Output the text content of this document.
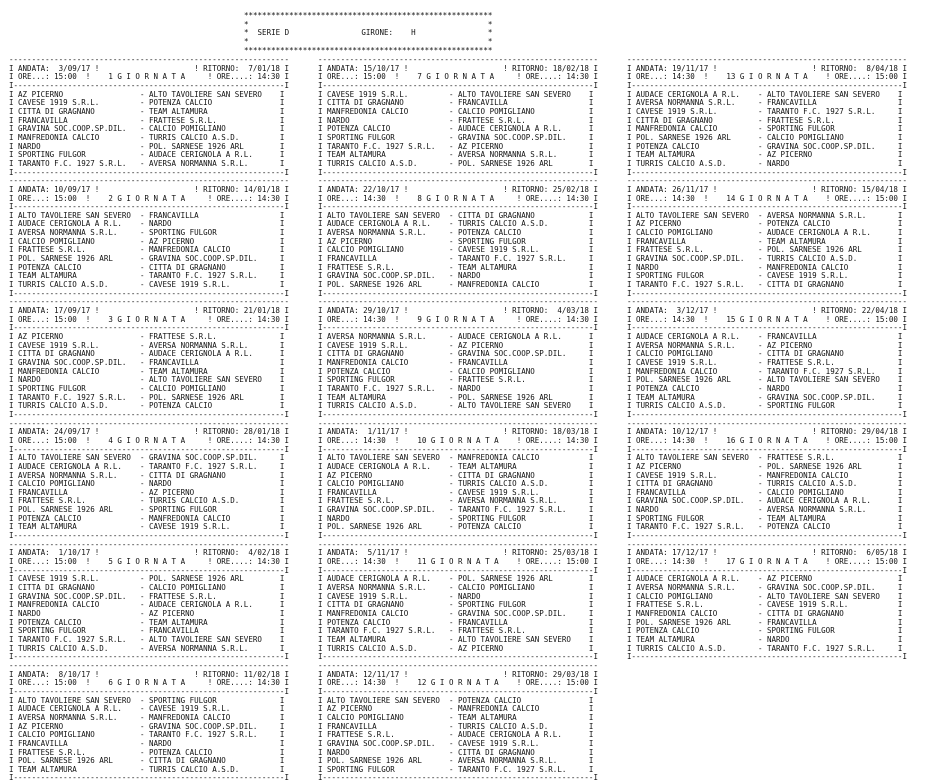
*******************************************************
*                                                     *
*  SERIE D                GIRONE:    H                *
*                                                     *
*******************************************************
--------------------------------------------------------------
I ANDATA:  3/09/17 !	! RITORNO:  7/01/18 I
I ORE...: 15:00  !    1 G I O R N A T A     ! ORE....: 14:30 I
I------------------------------------------------------------I
I AZ PICERNO                 - ALTO TAVOLIERE SAN SEVERO    I
I CAVESE 1919 S.R.L.         - POTENZA CALCIO               I
I CITTA DI GRAGNANO          - TEAM ALTAMURA                I
I FRANCAVILLA                - FRATTESE S.R.L.              I
I GRAVINA SOC.COOP.SP.DIL.   - CALCIO POMIGLIANO            I
I MANFREDONIA CALCIO         - TURRIS CALCIO A.S.D.         I
I NARDO                      - POL. SARNESE 1926 ARL        I
I SPORTING FULGOR            - AUDACE CERIGNOLA A R.L.      I
I TARANTO F.C. 1927 S.R.L.   - AVERSA NORMANNA S.R.L.       I
I------------------------------------------------------------I
--------------------------------------------------------------
I ANDATA: 10/09/17 !	! RITORNO: 14/01/18 I
I ORE...: 15:00  !    2 G I O R N A T A     ! ORE....: 14:30 I
I------------------------------------------------------------I
I ALTO TAVOLIERE SAN SEVERO  - FRANCAVILLA                  I
I AUDACE CERIGNOLA A R.L.    - NARDO                        I
I AVERSA NORMANNA S.R.L.     - SPORTING FULGOR              I
I CALCIO POMIGLIANO          - AZ PICERNO                   I
I FRATTESE S.R.L.            - MANFREDONIA CALCIO           I
I POL. SARNESE 1926 ARL      - GRAVINA SOC.COOP.SP.DIL.     I
I POTENZA CALCIO             - CITTA DI GRAGNANO            I
I TEAM ALTAMURA              - TARANTO F.C. 1927 S.R.L.     I
I TURRIS CALCIO A.S.D.       - CAVESE 1919 S.R.L.           I
I------------------------------------------------------------I
--------------------------------------------------------------
I ANDATA: 17/09/17 !	! RITORNO: 21/01/18 I
I ORE...: 15:00  !    3 G I O R N A T A     ! ORE....: 14:30 I
I------------------------------------------------------------I
I AZ PICERNO                 - FRATTESE S.R.L.              I
I CAVESE 1919 S.R.L.         - AVERSA NORMANNA S.R.L.       I
I CITTA DI GRAGNANO          - AUDACE CERIGNOLA A R.L.      I
I GRAVINA SOC.COOP.SP.DIL.   - FRANCAVILLA                  I
I MANFREDONIA CALCIO         - TEAM ALTAMURA                I
I NARDO                      - ALTO TAVOLIERE SAN SEVERO    I
I SPORTING FULGOR            - CALCIO POMIGLIANO            I
I TARANTO F.C. 1927 S.R.L.   - POL. SARNESE 1926 ARL        I
I TURRIS CALCIO A.S.D.       - POTENZA CALCIO               I
I------------------------------------------------------------I
--------------------------------------------------------------
I ANDATA: 24/09/17 !	! RITORNO: 28/01/18 I
I ORE...: 15:00  !    4 G I O R N A T A     ! ORE....: 14:30 I
I------------------------------------------------------------I
I ALTO TAVOLIERE SAN SEVERO  - GRAVINA SOC.COOP.SP.DIL.     I
I AUDACE CERIGNOLA A R.L.    - TARANTO F.C. 1927 S.R.L.     I
I AVERSA NORMANNA S.R.L.     - CITTA DI GRAGNANO            I
I CALCIO POMIGLIANO          - NARDO                        I
I FRANCAVILLA                - AZ PICERNO                   I
I FRATTESE S.R.L.            - TURRIS CALCIO A.S.D.         I
I POL. SARNESE 1926 ARL      - SPORTING FULGOR              I
I POTENZA CALCIO             - MANFREDONIA CALCIO           I
I TEAM ALTAMURA              - CAVESE 1919 S.R.L.           I
I------------------------------------------------------------I
--------------------------------------------------------------
I ANDATA:  1/10/17 !	! RITORNO:  4/02/18 I
I ORE...: 15:00  !    5 G I O R N A T A     ! ORE....: 14:30 I
I------------------------------------------------------------I
I CAVESE 1919 S.R.L.         - POL. SARNESE 1926 ARL        I
I CITTA DI GRAGNANO          - CALCIO POMIGLIANO            I
I GRAVINA SOC.COOP.SP.DIL.   - FRATTESE S.R.L.              I
I MANFREDONIA CALCIO         - AUDACE CERIGNOLA A R.L.      I
I NARDO                      - AZ PICERNO                   I
I POTENZA CALCIO             - TEAM ALTAMURA                I
I SPORTING FULGOR            - FRANCAVILLA                  I
I TARANTO F.C. 1927 S.R.L.   - ALTO TAVOLIERE SAN SEVERO    I
I TURRIS CALCIO A.S.D.       - AVERSA NORMANNA S.R.L.       I
I------------------------------------------------------------I
--------------------------------------------------------------
I ANDATA:  8/10/17 !	! RITORNO: 11/02/18 I
I ORE...: 15:00  !    6 G I O R N A T A     ! ORE....: 14:30 I
I------------------------------------------------------------I
I ALTO TAVOLIERE SAN SEVERO  - SPORTING FULGOR              I
I AUDACE CERIGNOLA A R.L.    - CAVESE 1919 S.R.L.           I
I AVERSA NORMANNA S.R.L.     - MANFREDONIA CALCIO           I
I AZ PICERNO                 - GRAVINA SOC.COOP.SP.DIL.     I
I CALCIO POMIGLIANO          - TARANTO F.C. 1927 S.R.L.     I
I FRANCAVILLA                - NARDO                        I
I FRATTESE S.R.L.            - POTENZA CALCIO               I
I POL. SARNESE 1926 ARL      - CITTA DI GRAGNANO            I
I TEAM ALTAMURA              - TURRIS CALCIO A.S.D.         I
I------------------------------------------------------------I
--------------------------------------------------------------
I ANDATA: 15/10/17 !	! RITORNO: 18/02/18 I
I ORE...: 15:00  !    7 G I O R N A T A     ! ORE....: 14:30 I
I------------------------------------------------------------I
I CAVESE 1919 S.R.L.         - ALTO TAVOLIERE SAN SEVERO    I
I CITTA DI GRAGNANO          - FRANCAVILLA                  I
I MANFREDONIA CALCIO         - CALCIO POMIGLIANO            I
I NARDO                      - FRATTESE S.R.L.              I
I POTENZA CALCIO             - AUDACE CERIGNOLA A R.L.      I
I SPORTING FULGOR            - GRAVINA SOC.COOP.SP.DIL.     I
I TARANTO F.C. 1927 S.R.L.   - AZ PICERNO                   I
I TEAM ALTAMURA              - AVERSA NORMANNA S.R.L.       I
I TURRIS CALCIO A.S.D.       - POL. SARNESE 1926 ARL        I
I------------------------------------------------------------I
--------------------------------------------------------------
I ANDATA: 22/10/17 !	! RITORNO: 25/02/18 I
I ORE...: 14:30  !    8 G I O R N A T A     ! ORE....: 14:30 I
I------------------------------------------------------------I
I ALTO TAVOLIERE SAN SEVERO  - CITTA DI GRAGNANO            I
I AUDACE CERIGNOLA A R.L.    - TURRIS CALCIO A.S.D.         I
I AVERSA NORMANNA S.R.L.     - POTENZA CALCIO               I
I AZ PICERNO                 - SPORTING FULGOR              I
I CALCIO POMIGLIANO          - CAVESE 1919 S.R.L.           I
I FRANCAVILLA                - TARANTO F.C. 1927 S.R.L.     I
I FRATTESE S.R.L.            - TEAM ALTAMURA                I
I GRAVINA SOC.COOP.SP.DIL.   - NARDO                        I
I POL. SARNESE 1926 ARL      - MANFREDONIA CALCIO           I
I------------------------------------------------------------I
--------------------------------------------------------------
I ANDATA: 29/10/17 !	! RITORNO:  4/03/18 I
I ORE...: 14:30  !    9 G I O R N A T A     ! ORE....: 14:30 I
I------------------------------------------------------------I
I AVERSA NORMANNA S.R.L.     - AUDACE CERIGNOLA A R.L.      I
I CAVESE 1919 S.R.L.         - AZ PICERNO                   I
I CITTA DI GRAGNANO          - GRAVINA SOC.COOP.SP.DIL.     I
I MANFREDONIA CALCIO         - FRANCAVILLA                  I
I POTENZA CALCIO             - CALCIO POMIGLIANO            I
I SPORTING FULGOR            - FRATTESE S.R.L.              I
I TARANTO F.C. 1927 S.R.L.   - NARDO                        I
I TEAM ALTAMURA              - POL. SARNESE 1926 ARL        I
I TURRIS CALCIO A.S.D.       - ALTO TAVOLIERE SAN SEVERO    I
I------------------------------------------------------------I
--------------------------------------------------------------
I ANDATA:  1/11/17 !	! RITORNO: 18/03/18 I
I ORE...: 14:30  !    10 G I O R N A T A    ! ORE....: 14:30 I
I------------------------------------------------------------I
I ALTO TAVOLIERE SAN SEVERO  - MANFREDONIA CALCIO           I
I AUDACE CERIGNOLA A R.L.    - TEAM ALTAMURA                I
I AZ PICERNO                 - CITTA DI GRAGNANO            I
I CALCIO POMIGLIANO          - TURRIS CALCIO A.S.D.         I
I FRANCAVILLA                - CAVESE 1919 S.R.L.           I
I FRATTESE S.R.L.            - AVERSA NORMANNA S.R.L.       I
I GRAVINA SOC.COOP.SP.DIL.   - TARANTO F.C. 1927 S.R.L.     I
I NARDO                      - SPORTING FULGOR              I
I POL. SARNESE 1926 ARL      - POTENZA CALCIO               I
I------------------------------------------------------------I
--------------------------------------------------------------
I ANDATA:  5/11/17 !	! RITORNO: 25/03/18 I
I ORE...: 14:30  !    11 G I O R N A T A    ! ORE....: 15:00 I
I------------------------------------------------------------I
I AUDACE CERIGNOLA A R.L.    - POL. SARNESE 1926 ARL        I
I AVERSA NORMANNA S.R.L.     - CALCIO POMIGLIANO            I
I CAVESE 1919 S.R.L.         - NARDO                        I
I CITTA DI GRAGNANO          - SPORTING FULGOR              I
I MANFREDONIA CALCIO         - GRAVINA SOC.COOP.SP.DIL.     I
I POTENZA CALCIO             - FRANCAVILLA                  I
I TARANTO F.C. 1927 S.R.L.   - FRATTESE S.R.L.              I
I TEAM ALTAMURA              - ALTO TAVOLIERE SAN SEVERO    I
I TURRIS CALCIO A.S.D.       - AZ PICERNO                   I
I------------------------------------------------------------I
--------------------------------------------------------------
I ANDATA: 12/11/17 !	! RITORNO: 29/03/18 I
I ORE...: 14:30  !    12 G I O R N A T A    ! ORE....: 15:00 I
I------------------------------------------------------------I
I ALTO TAVOLIERE SAN SEVERO  - POTENZA CALCIO               I
I AZ PICERNO                 - MANFREDONIA CALCIO           I
I CALCIO POMIGLIANO          - TEAM ALTAMURA                I
I FRANCAVILLA                - TURRIS CALCIO A.S.D.         I
I FRATTESE S.R.L.            - AUDACE CERIGNOLA A R.L.      I
I GRAVINA SOC.COOP.SP.DIL.   - CAVESE 1919 S.R.L.           I
I NARDO                      - CITTA DI GRAGNANO            I
I POL. SARNESE 1926 ARL      - AVERSA NORMANNA S.R.L.       I
I SPORTING FULGOR            - TARANTO F.C. 1927 S.R.L.     I
I------------------------------------------------------------I
--------------------------------------------------------------
I ANDATA: 19/11/17 !	! RITORNO:  8/04/18 I
I ORE...: 14:30  !    13 G I O R N A T A    ! ORE....: 15:00 I
I------------------------------------------------------------I
I AUDACE CERIGNOLA A R.L.    - ALTO TAVOLIERE SAN SEVERO    I
I AVERSA NORMANNA S.R.L.     - FRANCAVILLA                  I
I CAVESE 1919 S.R.L.         - TARANTO F.C. 1927 S.R.L.     I
I CITTA DI GRAGNANO          - FRATTESE S.R.L.              I
I MANFREDONIA CALCIO         - SPORTING FULGOR              I
I POL. SARNESE 1926 ARL      - CALCIO POMIGLIANO            I
I POTENZA CALCIO             - GRAVINA SOC.COOP.SP.DIL.     I
I TEAM ALTAMURA              - AZ PICERNO                   I
I TURRIS CALCIO A.S.D.       - NARDO                        I
I------------------------------------------------------------I
--------------------------------------------------------------
I ANDATA: 26/11/17 !	! RITORNO: 15/04/18 I
I ORE...: 14:30  !    14 G I O R N A T A    ! ORE....: 15:00 I
I------------------------------------------------------------I
I ALTO TAVOLIERE SAN SEVERO  - AVERSA NORMANNA S.R.L.       I
I AZ PICERNO                 - POTENZA CALCIO               I
I CALCIO POMIGLIANO          - AUDACE CERIGNOLA A R.L.      I
I FRANCAVILLA                - TEAM ALTAMURA                I
I FRATTESE S.R.L.            - POL. SARNESE 1926 ARL        I
I GRAVINA SOC.COOP.SP.DIL.   - TURRIS CALCIO A.S.D.         I
I NARDO                      - MANFREDONIA CALCIO           I
I SPORTING FULGOR            - CAVESE 1919 S.R.L.           I
I TARANTO F.C. 1927 S.R.L.   - CITTA DI GRAGNANO            I
I------------------------------------------------------------I
--------------------------------------------------------------
I ANDATA:  3/12/17 !	! RITORNO: 22/04/18 I
I ORE...: 14:30  !    15 G I O R N A T A    ! ORE....: 15:00 I
I------------------------------------------------------------I
I AUDACE CERIGNOLA A R.L.    - FRANCAVILLA                  I
I AVERSA NORMANNA S.R.L.     - AZ PICERNO                   I
I CALCIO POMIGLIANO          - CITTA DI GRAGNANO            I
I CAVESE 1919 S.R.L.         - FRATTESE S.R.L.              I
I MANFREDONIA CALCIO         - TARANTO F.C. 1927 S.R.L.     I
I POL. SARNESE 1926 ARL      - ALTO TAVOLIERE SAN SEVERO    I
I POTENZA CALCIO             - NARDO                        I
I TEAM ALTAMURA              - GRAVINA SOC.COOP.SP.DIL.     I
I TURRIS CALCIO A.S.D.       - SPORTING FULGOR              I
I------------------------------------------------------------I
--------------------------------------------------------------
I ANDATA: 10/12/17 !	! RITORNO: 29/04/18 I
I ORE...: 14:30  !    16 G I O R N A T A    ! ORE....: 15:00 I
I------------------------------------------------------------I
I ALTO TAVOLIERE SAN SEVERO  - FRATTESE S.R.L.              I
I AZ PICERNO                 - POL. SARNESE 1926 ARL        I
I CAVESE 1919 S.R.L.         - MANFREDONIA CALCIO           I
I CITTA DI GRAGNANO          - TURRIS CALCIO A.S.D.         I
I FRANCAVILLA                - CALCIO POMIGLIANO            I
I GRAVINA SOC.COOP.SP.DIL.   - AUDACE CERIGNOLA A R.L.      I
I NARDO                      - AVERSA NORMANNA S.R.L.       I
I SPORTING FULGOR            - TEAM ALTAMURA                I
I TARANTO F.C. 1927 S.R.L.   - POTENZA CALCIO               I
I------------------------------------------------------------I
--------------------------------------------------------------
I ANDATA: 17/12/17 !	! RITORNO:  6/05/18 I
I ORE...: 14:30  !    17 G I O R N A T A    ! ORE....: 15:00 I
I------------------------------------------------------------I
I AUDACE CERIGNOLA A R.L.    - AZ PICERNO                   I
I AVERSA NORMANNA S.R.L.     - GRAVINA SOC.COOP.SP.DIL.     I
I CALCIO POMIGLIANO          - ALTO TAVOLIERE SAN SEVERO    I
I FRATTESE S.R.L.            - CAVESE 1919 S.R.L.           I
I MANFREDONIA CALCIO         - CITTA DI GRAGNANO            I
I POL. SARNESE 1926 ARL      - FRANCAVILLA                  I
I POTENZA CALCIO             - SPORTING FULGOR              I
I TEAM ALTAMURA              - NARDO                        I
I TURRIS CALCIO A.S.D.       - TARANTO F.C. 1927 S.R.L.     I
I------------------------------------------------------------I
